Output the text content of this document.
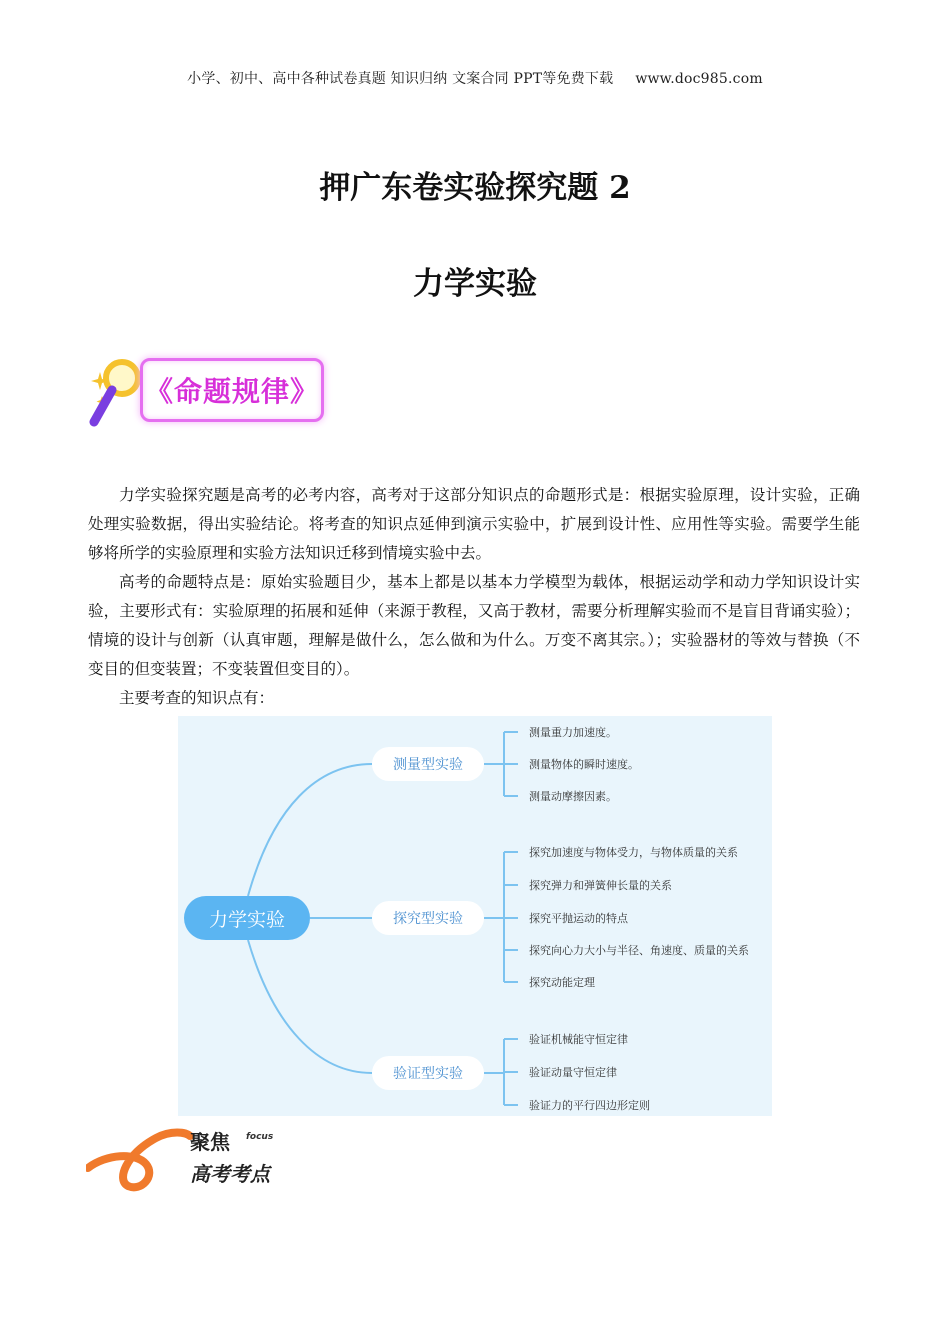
小学、初中、高中各种试卷真题 知识归纳 文案合同 PPT等免费下载 www.doc985.com
押广东卷实验探究题 2
力学实验
《命题规律》

力学实验探究题是高考的必考内容，高考对于这部分知识点的命题形式是：根据实验原理，设计实验，正确处理实验数据，得出实验结论。将考查的知识点延伸到演示实验中，扩展到设计性、应用性等实验。需要学生能够将所学的实验原理和实验方法知识迁移到情境实验中去。

高考的命题特点是：原始实验题目少，基本上都是以基本力学模型为载体，根据运动学和动力学知识设计实验，主要形式有：实验原理的拓展和延伸（来源于教程，又高于教材，需要分析理解实验而不是盲目背诵实验）；情境的设计与创新（认真审题，理解是做什么，怎么做和为什么。万变不离其宗。）；实验器材的等效与替换（不变目的但变装置；不变装置但变目的）。

主要考查的知识点有：

力学实验
测量型实验
探究型实验
验证型实验
测量重力加速度。
测量物体的瞬时速度。
测量动摩擦因素。
探究加速度与物体受力，与物体质量的关系
探究弹力和弹簧伸长量的关系
探究平抛运动的特点
探究向心力大小与半径、角速度、质量的关系
探究动能定理
验证机械能守恒定律
验证动量守恒定律
验证力的平行四边形定则
聚焦 focus
高考考点
